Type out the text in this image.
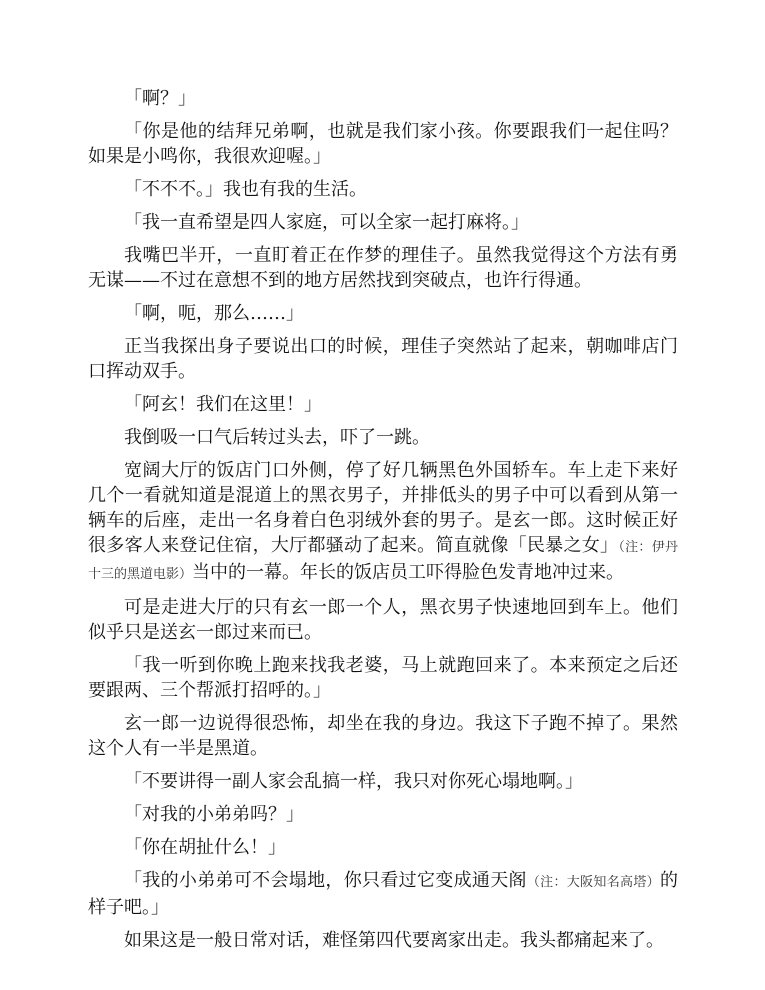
「啊？」

「你是他的结拜兄弟啊，也就是我们家小孩。你要跟我们一起住吗？如果是小鸣你，我很欢迎喔。」

「不不不。」我也有我的生活。

「我一直希望是四人家庭，可以全家一起打麻将。」

我嘴巴半开，一直盯着正在作梦的理佳子。虽然我觉得这个方法有勇无谋——不过在意想不到的地方居然找到突破点，也许行得通。

「啊，呃，那么……」

正当我探出身子要说出口的时候，理佳子突然站了起来，朝咖啡店门口挥动双手。

「阿玄！我们在这里！」

我倒吸一口气后转过头去，吓了一跳。

宽阔大厅的饭店门口外侧，停了好几辆黑色外国轿车。车上走下来好几个一看就知道是混道上的黑衣男子，并排低头的男子中可以看到从第一辆车的后座，走出一名身着白色羽绒外套的男子。是玄一郎。这时候正好很多客人来登记住宿，大厅都骚动了起来。简直就像「民暴之女」（注：伊丹十三的黑道电影）当中的一幕。年长的饭店员工吓得脸色发青地冲过来。

可是走进大厅的只有玄一郎一个人，黑衣男子快速地回到车上。他们似乎只是送玄一郎过来而已。

「我一听到你晚上跑来找我老婆，马上就跑回来了。本来预定之后还要跟两、三个帮派打招呼的。」

玄一郎一边说得很恐怖，却坐在我的身边。我这下子跑不掉了。果然这个人有一半是黑道。

「不要讲得一副人家会乱搞一样，我只对你死心塌地啊。」

「对我的小弟弟吗？」

「你在胡扯什么！」

「我的小弟弟可不会塌地，你只看过它变成通天阁（注：大阪知名高塔）的样子吧。」

如果这是一般日常对话，难怪第四代要离家出走。我头都痛起来了。
